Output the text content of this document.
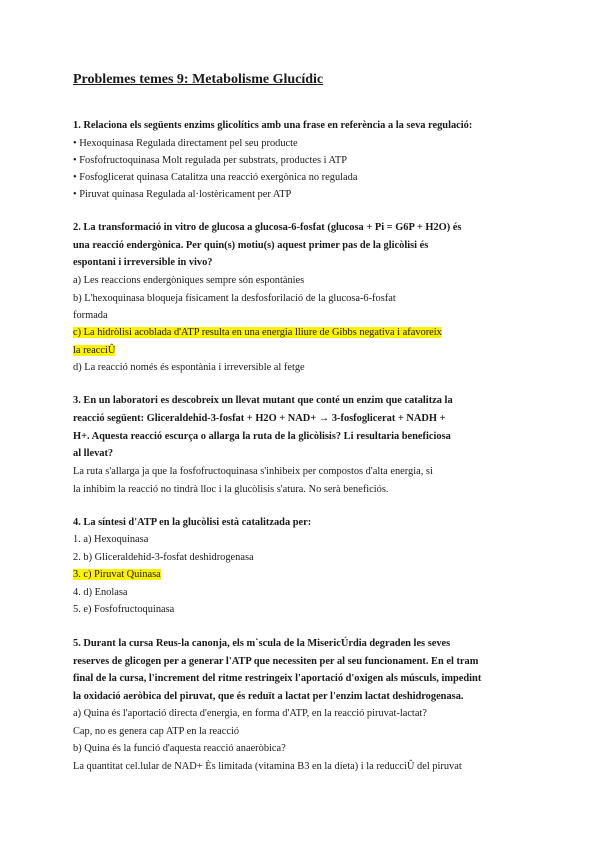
Problemes temes 9: Metabolisme Glucídic
1. Relaciona els següents enzims glicolítics amb una frase en referència a la seva regulació:
• Hexoquinasa Regulada directament pel seu producte
• Fosfofructoquinasa Molt regulada per substrats, productes i ATP
• Fosfoglicerat quinasa Catalitza una reacció exergònica no regulada
• Piruvat quinasa Regulada al·lostèricament per ATP
2. La transformació in vitro de glucosa a glucosa-6-fosfat (glucosa + Pi = G6P + H2O) és
una reacció endergònica. Per quin(s) motiu(s) aquest primer pas de la glicòlisi és
espontani i irreversible in vivo?
a) Les reaccions endergòniques sempre són espontànies
b) L'hexoquinasa bloqueja físicament la desfosforilació de la glucosa-6-fosfat
formada
c) La hidròlisi acoblada d'ATP resulta en una energia lliure de Gibbs negativa i afavoreix
la reacciÛ
d) La reacció només és espontània i irreversible al fetge
3. En un laboratori es descobreix un llevat mutant que conté un enzim que catalitza la
reacció següent: Gliceraldehid-3-fosfat + H2O + NAD+ → 3-fosfoglicerat + NADH +
H+. Aquesta reacció escurça o allarga la ruta de la glicòlisis? Li resultaria beneficiosa
al llevat?
La ruta s'allarga ja que la fosfofructoquinasa s'inhibeix per compostos d'alta energia, si
la inhibim la reacció no tindrà lloc i la glucòlisis s'atura. No serà beneficiós.
4. La síntesi d'ATP en la glucòlisi està catalitzada per:
1. a) Hexoquinasa
2. b) Gliceraldehid-3-fosfat deshidrogenasa
3. c) Piruvat Quinasa
4. d) Enolasa
5. e) Fosfofructoquinasa
5. Durant la cursa Reus-la canonja, els m˙scula de la MisericÚrdia degraden les seves
reserves de glicogen per a generar l'ATP que necessiten per al seu funcionament. En el tram
final de la cursa, l'increment del ritme restringeix l'aportació d'oxigen als músculs, impedint
la oxidació aeròbica del piruvat, que és reduït a lactat per l'enzim lactat deshidrogenasa.
a) Quina és l'aportació directa d'energia, en forma d'ATP, en la reacció piruvat-lactat?
Cap, no es genera cap ATP en la reacció
b) Quina és la funció d'aquesta reacció anaeròbica?
La quantitat cel.lular de NAD+ Ès limitada (vitamina B3 en la dieta) i la reducciÛ del piruvat
